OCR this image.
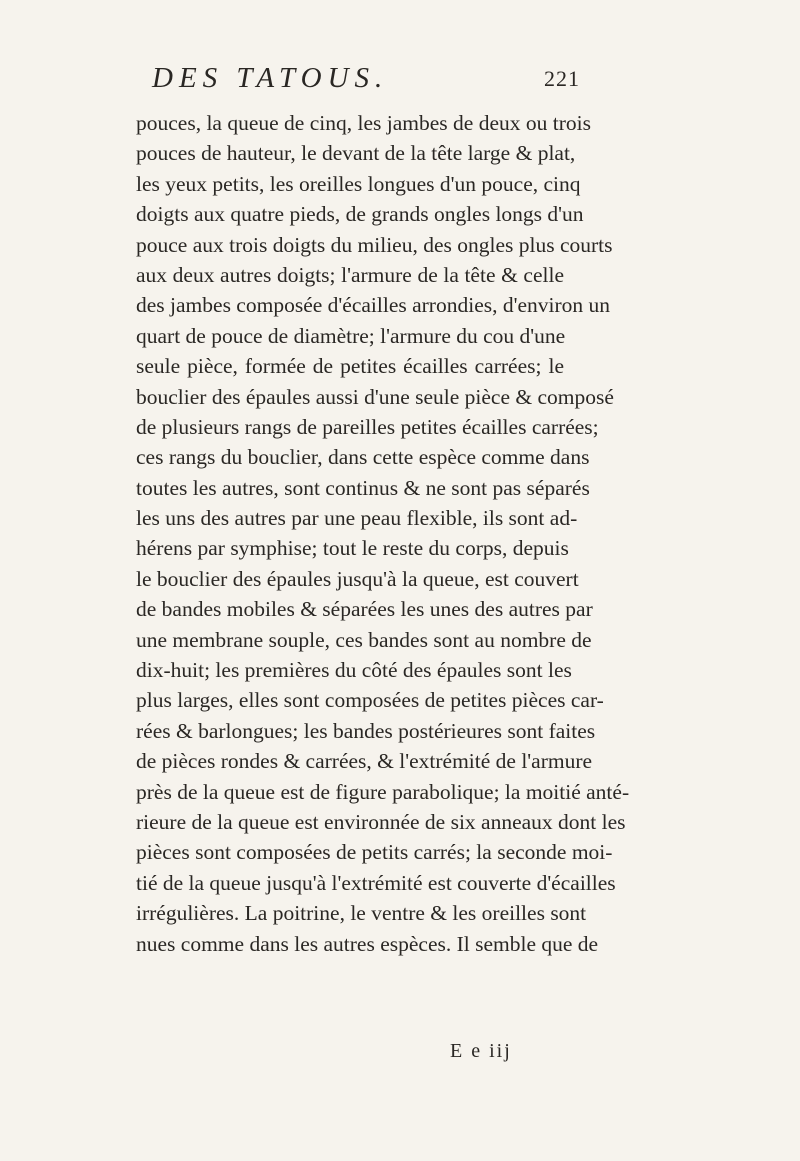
DES TATOUS.	221
pouces, la queue de cinq, les jambes de deux ou trois
pouces de hauteur, le devant de la tête large & plat,
les yeux petits, les oreilles longues d'un pouce, cinq
doigts aux quatre pieds, de grands ongles longs d'un
pouce aux trois doigts du milieu, des ongles plus courts
aux deux autres doigts; l'armure de la tête & celle
des jambes composée d'écailles arrondies, d'environ un
quart de pouce de diamètre; l'armure du cou d'une
seule pièce, formée de petites écailles carrées; le
bouclier des épaules aussi d'une seule pièce & composé
de plusieurs rangs de pareilles petites écailles carrées;
ces rangs du bouclier, dans cette espèce comme dans
toutes les autres, sont continus & ne sont pas séparés
les uns des autres par une peau flexible, ils sont ad-
hérens par symphise; tout le reste du corps, depuis
le bouclier des épaules jusqu'à la queue, est couvert
de bandes mobiles & séparées les unes des autres par
une membrane souple, ces bandes sont au nombre de
dix-huit; les premières du côté des épaules sont les
plus larges, elles sont composées de petites pièces car-
rées & barlongues; les bandes postérieures sont faites
de pièces rondes & carrées, & l'extrémité de l'armure
près de la queue est de figure parabolique; la moitié anté-
rieure de la queue est environnée de six anneaux dont les
pièces sont composées de petits carrés; la seconde moi-
tié de la queue jusqu'à l'extrémité est couverte d'écailles
irrégulières. La poitrine, le ventre & les oreilles sont
nues comme dans les autres espèces. Il semble que de
E e iij
